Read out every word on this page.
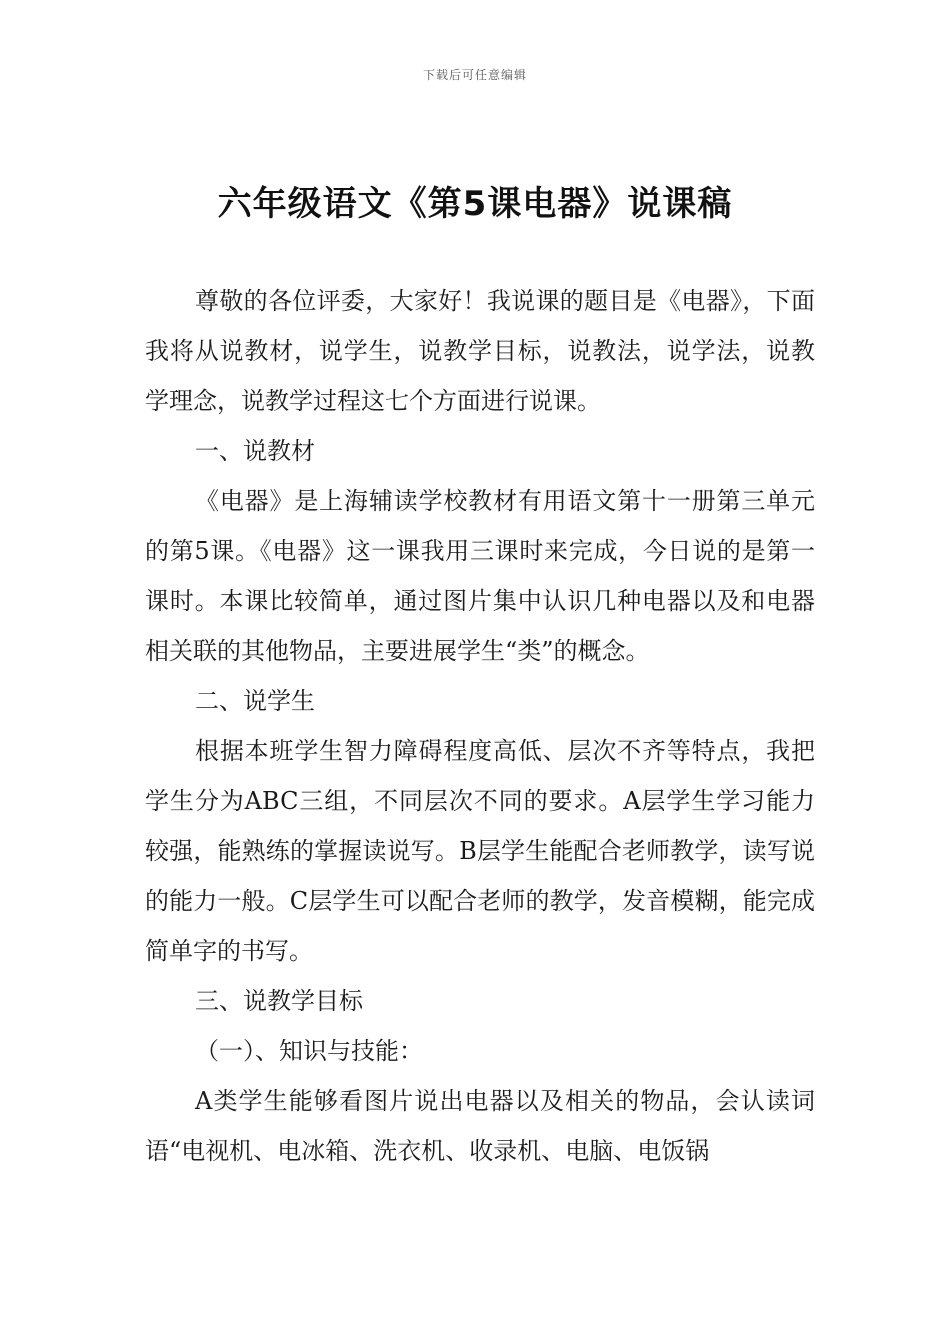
下载后可任意编辑
六年级语文《第5课电器》说课稿

尊敬的各位评委，大家好！我说课的题目是《电器》，下面我将从说教材，说学生，说教学目标，说教法，说学法，说教学理念，说教学过程这七个方面进行说课。

一、说教材

《电器》是上海辅读学校教材有用语文第十一册第三单元的第5课。《电器》这一课我用三课时来完成，今日说的是第一课时。本课比较简单，通过图片集中认识几种电器以及和电器相关联的其他物品，主要进展学生“类”的概念。

二、说学生

根据本班学生智力障碍程度高低、层次不齐等特点，我把学生分为ABC三组，不同层次不同的要求。A层学生学习能力较强，能熟练的掌握读说写。B层学生能配合老师教学，读写说的能力一般。C层学生可以配合老师的教学，发音模糊，能完成简单字的书写。

三、说教学目标

（一）、知识与技能：

A类学生能够看图片说出电器以及相关的物品，会认读词语“电视机、电冰箱、洗衣机、收录机、电脑、电饭锅
